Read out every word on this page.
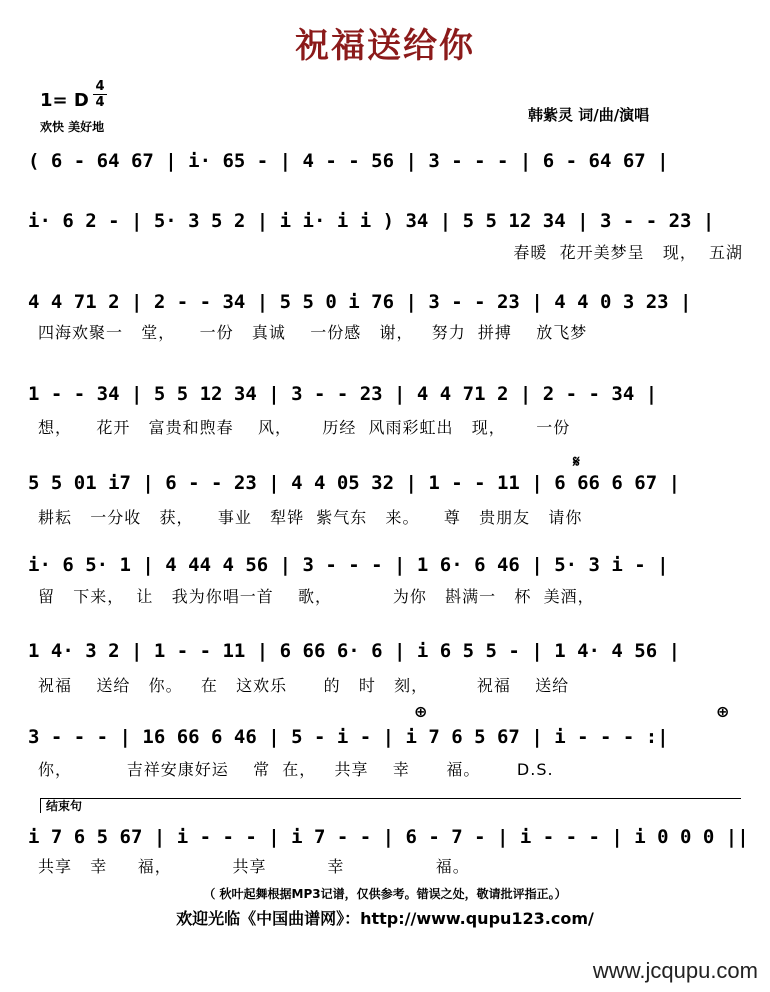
祝福送给你
1= D
4
4
欢快 美好地
韩紫灵 词/曲/演唱
( 6 - 64 67 | i· 65 - | 4 - - 56 | 3 - - - | 6 - 64 67 |
i· 6 2 - | 5· 3 5 2 | i i· i i ) 34 | 5 5 12 34 | 3 - - 23 |
春暖  花开美梦呈   现，  五湖
4 4 71 2 | 2 - - 34 | 5 5 0 i 76 | 3 - - 23 | 4 4 0 3 23 |
四海欢聚一   堂，    一份   真诚    一份感   谢，   努力  拼搏    放飞梦
1 - - 34 | 5 5 12 34 | 3 - - 23 | 4 4 71 2 | 2 - - 34 |
想，    花开   富贵和煦春    风，     历经  风雨彩虹出   现，     一份
5 5 01 i7 | 6 - - 23 | 4 4 05 32 | 1 - - 11 | 6 66 6 67 |
耕耘   一分收   获，    事业   犁铧  紫气东   来。    尊   贵朋友   请你
𝄋
i· 6 5· 1 | 4 44 4 56 | 3 - - - | 1 6· 6 46 | 5· 3 i - |
留   下来，  让   我为你唱一首    歌，          为你   斟满一   杯  美酒，
1 4· 3 2 | 1 - - 11 | 6 66 6· 6 | i 6 5 5 - | 1 4· 4 56 |
祝福    送给   你。   在   这欢乐      的   时   刻，        祝福    送给
3 - - - | 16 66 6 46 | 5 - i - | i 7 6 5 67 | i - - - :|
你，         吉祥安康好运    常  在，   共享    幸      福。      D.S.
⊕	⊕
结束句
i 7 6 5 67 | i - - - | i 7 - - | 6 - 7 - | i - - - | i 0 0 0 ||
共享   幸     福，          共享          幸               福。
（ 秋叶起舞根据MP3记谱，仅供参考。错误之处，敬请批评指正。）
欢迎光临《中国曲谱网》：http://www.qupu123.com/
www.jcqupu.com
